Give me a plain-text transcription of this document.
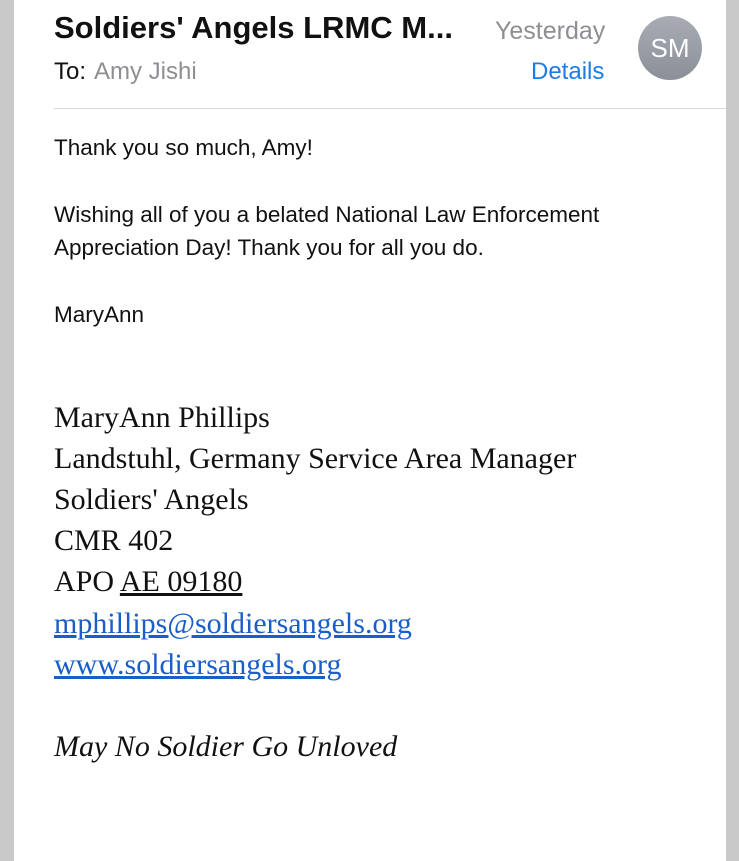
Soldiers' Angels LRMC M... Yesterday
SM
To: Amy Jishi	Details
Thank you so much, Amy!
Wishing all of you a belated National Law Enforcement
Appreciation Day! Thank you for all you do.
MaryAnn
MaryAnn Phillips
Landstuhl, Germany Service Area Manager
Soldiers' Angels
CMR 402
APO AE 09180
mphillips@soldiersangels.org
www.soldiersangels.org
May No Soldier Go Unloved
